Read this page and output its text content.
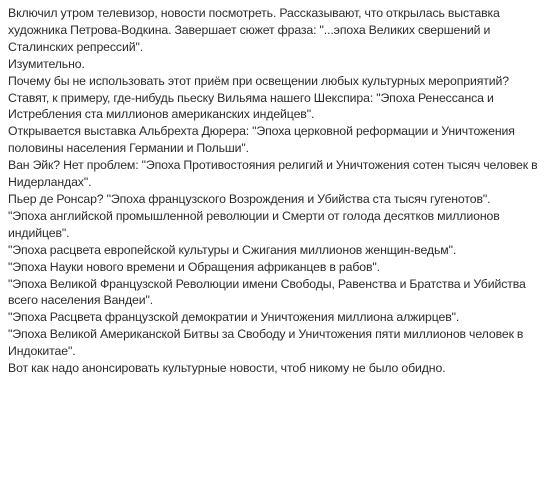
Включил утром телевизор, новости посмотреть. Рассказывают, что открылась выставка художника Петрова-Водкина. Завершает сюжет фраза: "...эпоха Великих свершений и Сталинских репрессий".

Изумительно.

Почему бы не использовать этот приём при освещении любых культурных мероприятий?

Ставят, к примеру, где-нибудь пьеску Вильяма нашего Шекспира: "Эпоха Ренессанса и Истребления ста миллионов американских индейцев".

Открывается выставка Альбрехта Дюрера: "Эпоха церковной реформации и Уничтожения половины населения Германии и Польши".

Ван Эйк? Нет проблем: "Эпоха Противостояния религий и Уничтожения сотен тысяч человек в Нидерландах".

Пьер де Ронсар? "Эпоха французского Возрождения и Убийства ста тысяч гугенотов".

"Эпоха английской промышленной революции и Смерти от голода десятков миллионов индийцев".

"Эпоха расцвета европейской культуры и Сжигания миллионов женщин-ведьм".

"Эпоха Науки нового времени и Обращения африканцев в рабов".

"Эпоха Великой Французской Революции имени Свободы, Равенства и Братства и Убийства всего населения Вандеи".

"Эпоха Расцвета французской демократии и Уничтожения миллиона алжирцев".

"Эпоха Великой Американской Битвы за Свободу и Уничтожения пяти миллионов человек в Индокитае".

Вот как надо анонсировать культурные новости, чтоб никому не было обидно.
